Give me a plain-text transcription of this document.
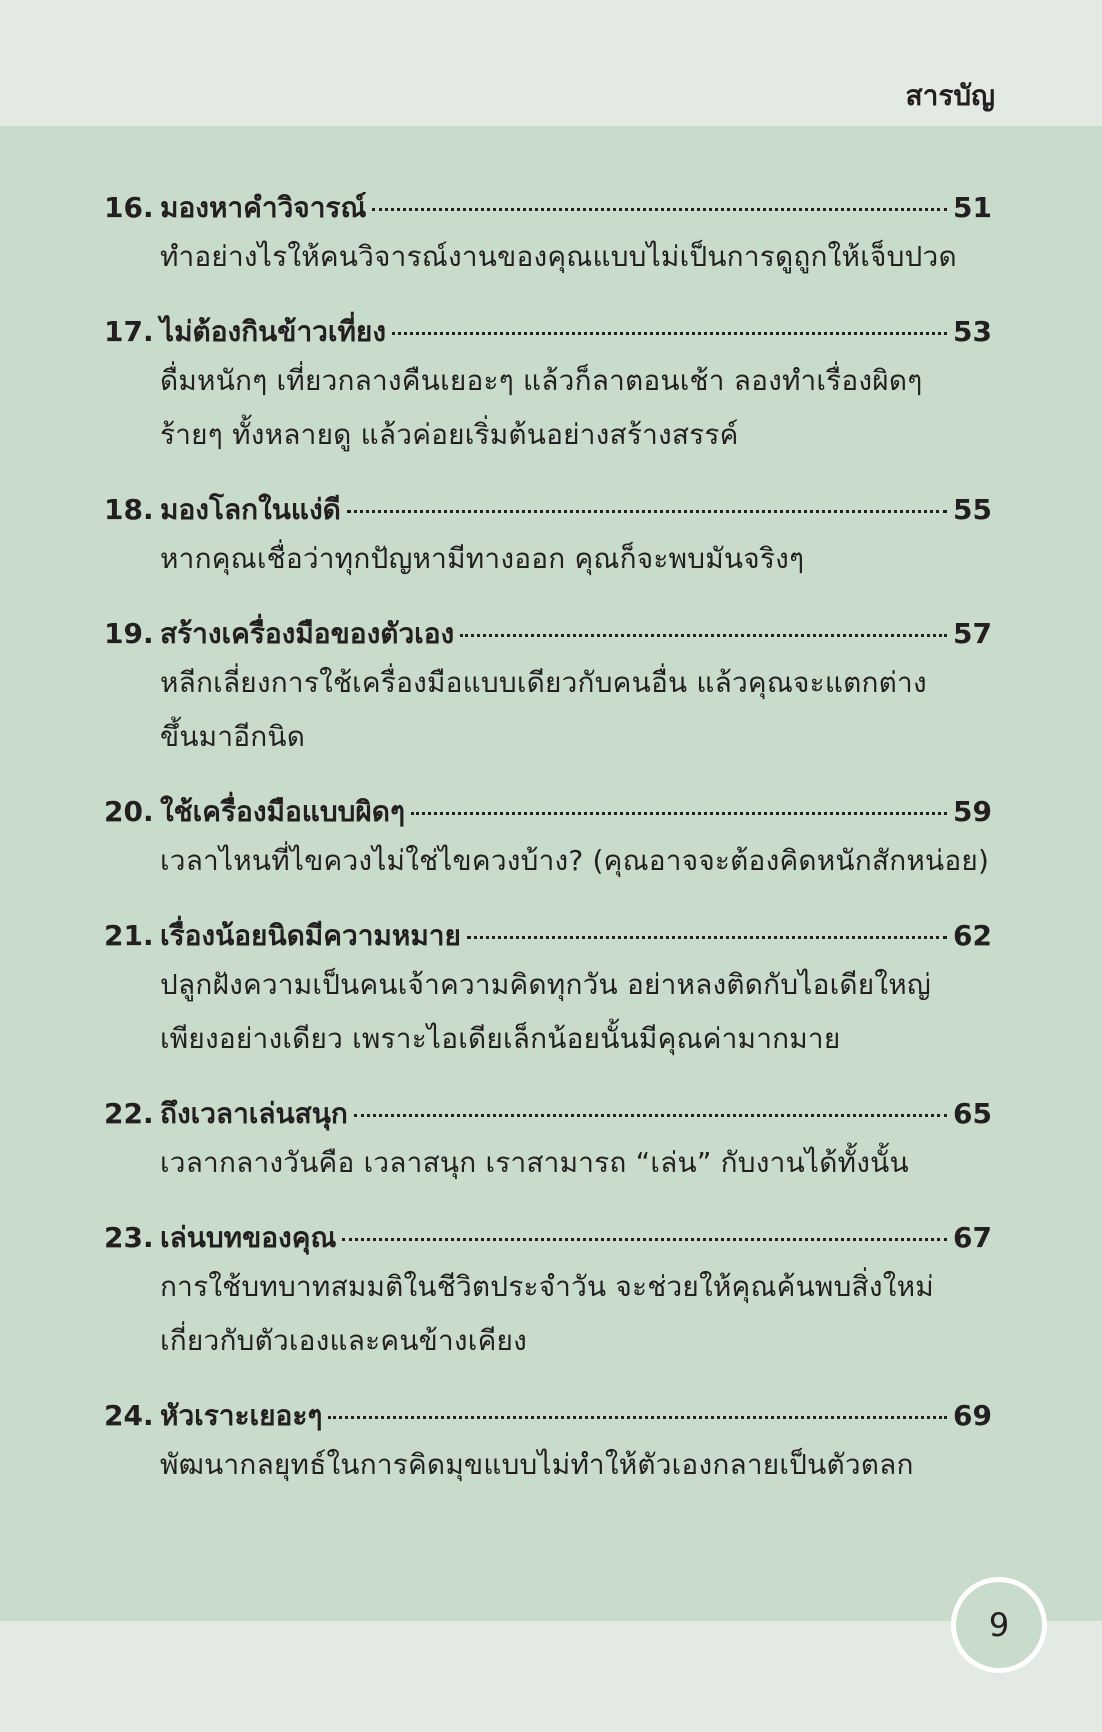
สารบัญ
16. มองหาคำวิจารณ์	51
ทำอย่างไรให้คนวิจารณ์งานของคุณแบบไม่เป็นการดูถูกให้เจ็บปวด
17. ไม่ต้องกินข้าวเที่ยง	53
ดื่มหนักๆ เที่ยวกลางคืนเยอะๆ แล้วก็ลาตอนเช้า ลองทำเรื่องผิดๆ
ร้ายๆ ทั้งหลายดู แล้วค่อยเริ่มต้นอย่างสร้างสรรค์
18. มองโลกในแง่ดี	55
หากคุณเชื่อว่าทุกปัญหามีทางออก คุณก็จะพบมันจริงๆ
19. สร้างเครื่องมือของตัวเอง	57
หลีกเลี่ยงการใช้เครื่องมือแบบเดียวกับคนอื่น แล้วคุณจะแตกต่าง
ขึ้นมาอีกนิด
20. ใช้เครื่องมือแบบผิดๆ	59
เวลาไหนที่ไขควงไม่ใช่ไขควงบ้าง? (คุณอาจจะต้องคิดหนักสักหน่อย)
21. เรื่องน้อยนิดมีความหมาย	62
ปลูกฝังความเป็นคนเจ้าความคิดทุกวัน อย่าหลงติดกับไอเดียใหญ่
เพียงอย่างเดียว เพราะไอเดียเล็กน้อยนั้นมีคุณค่ามากมาย
22. ถึงเวลาเล่นสนุก	65
เวลากลางวันคือ เวลาสนุก เราสามารถ “เล่น” กับงานได้ทั้งนั้น
23. เล่นบทของคุณ	67
การใช้บทบาทสมมติในชีวิตประจำวัน จะช่วยให้คุณค้นพบสิ่งใหม่
เกี่ยวกับตัวเองและคนข้างเคียง
24. หัวเราะเยอะๆ	69
พัฒนากลยุทธ์ในการคิดมุขแบบไม่ทำให้ตัวเองกลายเป็นตัวตลก
9
